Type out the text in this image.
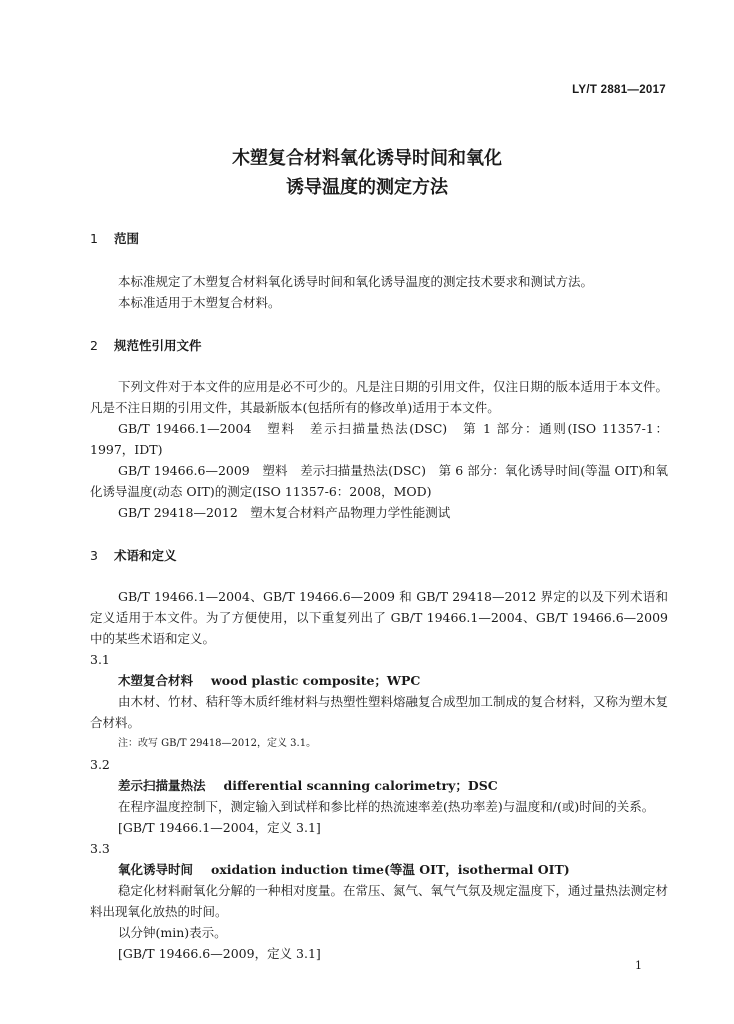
LY/T 2881—2017
木塑复合材料氧化诱导时间和氧化
诱导温度的测定方法
1 范围

本标准规定了木塑复合材料氧化诱导时间和氧化诱导温度的测定技术要求和测试方法。

本标准适用于木塑复合材料。

2 规范性引用文件

下列文件对于本文件的应用是必不可少的。凡是注日期的引用文件，仅注日期的版本适用于本文件。凡是不注日期的引用文件，其最新版本(包括所有的修改单)适用于本文件。

GB/T 19466.1—2004　塑料　差示扫描量热法(DSC)　第 1 部分：通则(ISO 11357-1：1997，IDT)

GB/T 19466.6—2009　塑料　差示扫描量热法(DSC)　第 6 部分：氧化诱导时间(等温 OIT)和氧化诱导温度(动态 OIT)的测定(ISO 11357-6：2008，MOD)

GB/T 29418—2012　塑木复合材料产品物理力学性能测试

3 术语和定义

GB/T 19466.1—2004、GB/T 19466.6—2009 和 GB/T 29418—2012 界定的以及下列术语和定义适用于本文件。为了方便使用，以下重复列出了 GB/T 19466.1—2004、GB/T 19466.6—2009 中的某些术语和定义。

3.1

木塑复合材料 wood plastic composite；WPC

由木材、竹材、秸秆等木质纤维材料与热塑性塑料熔融复合成型加工制成的复合材料，又称为塑木复合材料。

注：改写 GB/T 29418—2012，定义 3.1。

3.2

差示扫描量热法 differential scanning calorimetry；DSC

在程序温度控制下，测定输入到试样和参比样的热流速率差(热功率差)与温度和/(或)时间的关系。

[GB/T 19466.1—2004，定义 3.1]

3.3

氧化诱导时间 oxidation induction time(等温 OIT，isothermal OIT)

稳定化材料耐氧化分解的一种相对度量。在常压、氮气、氧气气氛及规定温度下，通过量热法测定材料出现氧化放热的时间。

以分钟(min)表示。

[GB/T 19466.6—2009，定义 3.1]

1
